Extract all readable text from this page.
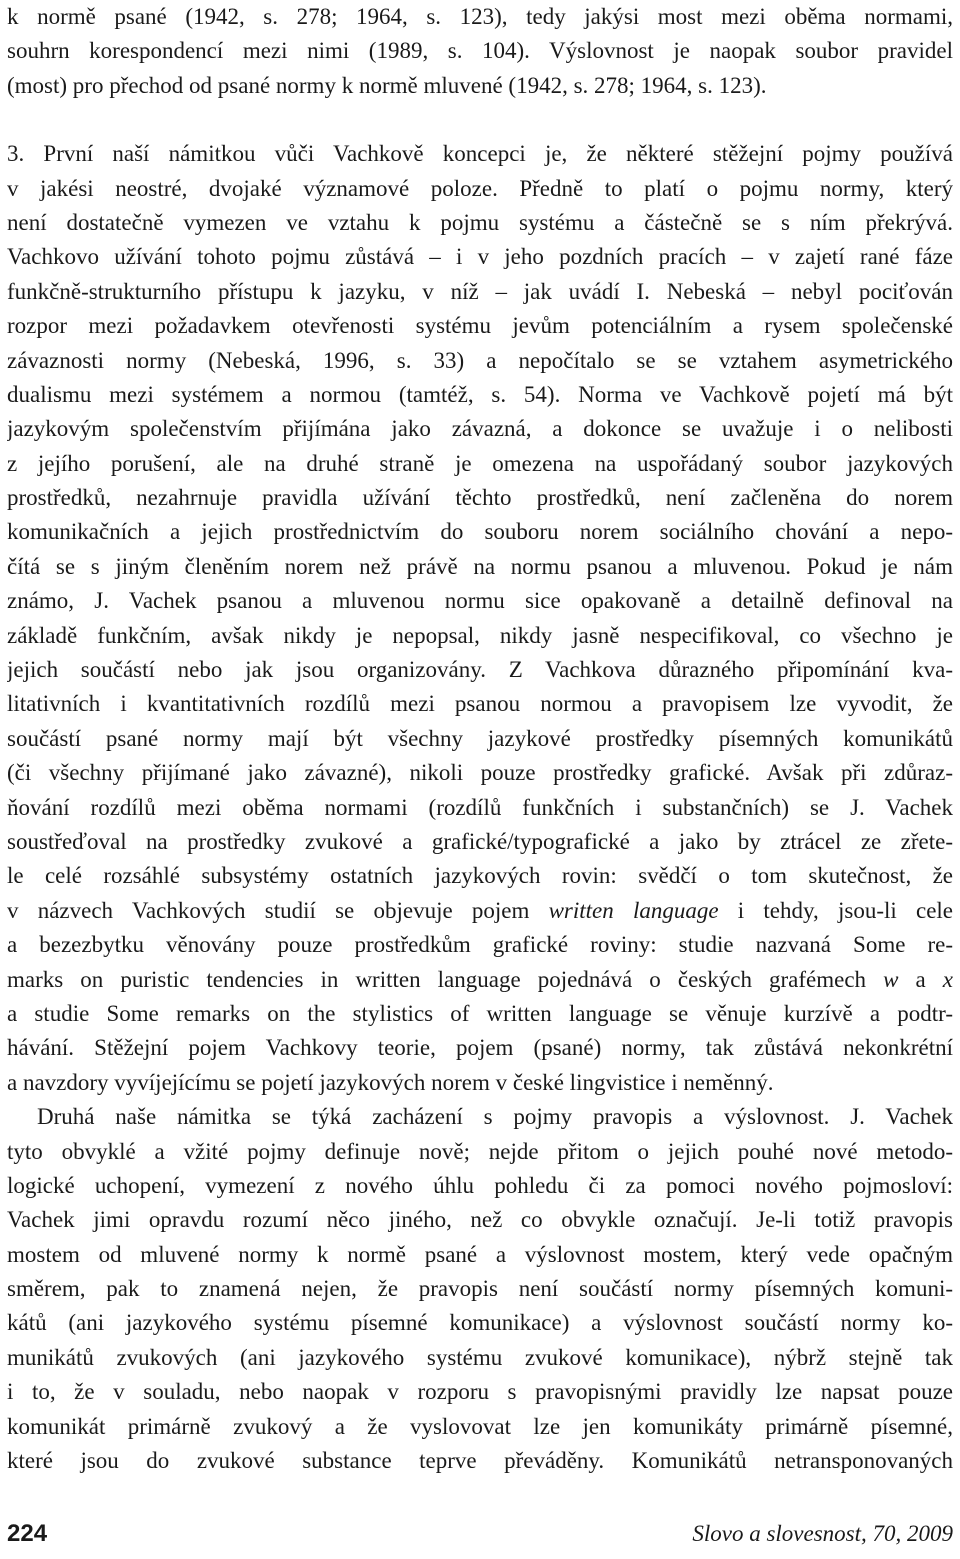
k normě psané (1942, s. 278; 1964, s. 123), tedy jakýsi most mezi oběma normami,
souhrn korespondencí mezi nimi (1989, s. 104). Výslovnost je naopak soubor pravidel
(most) pro přechod od psané normy k normě mluvené (1942, s. 278; 1964, s. 123).
3. První naší námitkou vůči Vachkově koncepci je, že některé stěžejní pojmy používá
v jakési neostré, dvojaké významové poloze. Předně to platí o pojmu normy, který
není dostatečně vymezen ve vztahu k pojmu systému a částečně se s ním překrývá.
Vachkovo užívání tohoto pojmu zůstává – i v jeho pozdních pracích – v zajetí rané fáze
funkčně-strukturního přístupu k jazyku, v níž – jak uvádí I. Nebeská – nebyl pociťován
rozpor mezi požadavkem otevřenosti systému jevům potenciálním a rysem společenské
závaznosti normy (Nebeská, 1996, s. 33) a nepočítalo se se vztahem asymetrického
dualismu mezi systémem a normou (tamtéž, s. 54). Norma ve Vachkově pojetí má být
jazykovým společenstvím přijímána jako závazná, a dokonce se uvažuje i o nelibosti
z jejího porušení, ale na druhé straně je omezena na uspořádaný soubor jazykových
prostředků, nezahrnuje pravidla užívání těchto prostředků, není začleněna do norem
komunikačních a jejich prostřednictvím do souboru norem sociálního chování a nepo-
čítá se s jiným členěním norem než právě na normu psanou a mluvenou. Pokud je nám
známo, J. Vachek psanou a mluvenou normu sice opakovaně a detailně definoval na
základě funkčním, avšak nikdy je nepopsal, nikdy jasně nespecifikoval, co všechno je
jejich součástí nebo jak jsou organizovány. Z Vachkova důrazného připomínání kva-
litativních i kvantitativních rozdílů mezi psanou normou a pravopisem lze vyvodit, že
součástí psané normy mají být všechny jazykové prostředky písemných komunikátů
(či všechny přijímané jako závazné), nikoli pouze prostředky grafické. Avšak při zdůraz-
ňování rozdílů mezi oběma normami (rozdílů funkčních i substančních) se J. Vachek
soustřeďoval na prostředky zvukové a grafické/typografické a jako by ztrácel ze zřete-
le celé rozsáhlé subsystémy ostatních jazykových rovin: svědčí o tom skutečnost, že
v názvech Vachkových studií se objevuje pojem written language i tehdy, jsou-li cele
a bezezbytku věnovány pouze prostředkům grafické roviny: studie nazvaná Some re-
marks on puristic tendencies in written language pojednává o českých grafémech w a x
a studie Some remarks on the stylistics of written language se věnuje kurzívě a podtr-
hávání. Stěžejní pojem Vachkovy teorie, pojem (psané) normy, tak zůstává nekonkrétní
a navzdory vyvíjejícímu se pojetí jazykových norem v české lingvistice i neměnný.
Druhá naše námitka se týká zacházení s pojmy pravopis a výslovnost. J. Vachek
tyto obvyklé a vžité pojmy definuje nově; nejde přitom o jejich pouhé nové metodo-
logické uchopení, vymezení z nového úhlu pohledu či za pomoci nového pojmosloví:
Vachek jimi opravdu rozumí něco jiného, než co obvykle označují. Je-li totiž pravopis
mostem od mluvené normy k normě psané a výslovnost mostem, který vede opačným
směrem, pak to znamená nejen, že pravopis není součástí normy písemných komuni-
kátů (ani jazykového systému písemné komunikace) a výslovnost součástí normy ko-
munikátů zvukových (ani jazykového systému zvukové komunikace), nýbrž stejně tak
i to, že v souladu, nebo naopak v rozporu s pravopisnými pravidly lze napsat pouze
komunikát primárně zvukový a že vyslovovat lze jen komunikáty primárně písemné,
které jsou do zvukové substance teprve převáděny. Komunikátů netransponovaných
224	Slovo a slovesnost, 70, 2009
